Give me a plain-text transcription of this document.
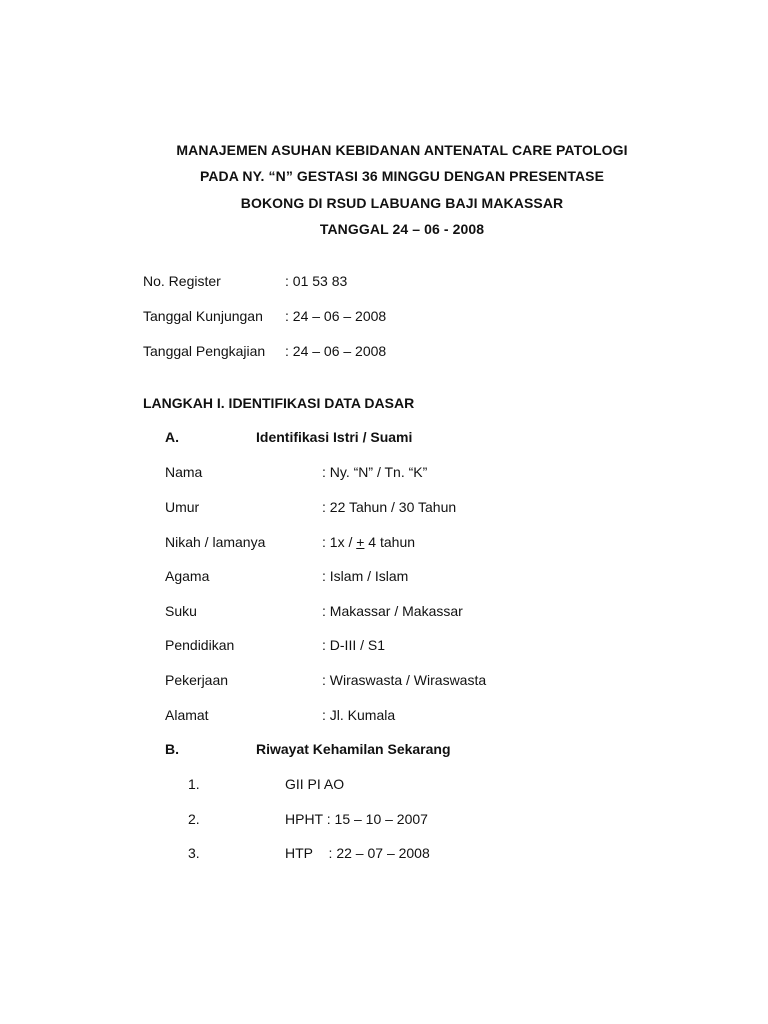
MANAJEMEN ASUHAN KEBIDANAN ANTENATAL CARE PATOLOGI
PADA NY. “N” GESTASI 36 MINGGU DENGAN PRESENTASE
BOKONG DI RSUD LABUANG BAJI MAKASSAR
TANGGAL 24 – 06 - 2008
No. Register	: 01 53 83
Tanggal Kunjungan : 24 – 06 – 2008
Tanggal Pengkajian : 24 – 06 – 2008
LANGKAH I. IDENTIFIKASI DATA DASAR
A.	Identifikasi Istri / Suami
Nama	: Ny. “N” / Tn. “K”
Umur	: 22 Tahun / 30 Tahun
Nikah / lamanya	: 1x / + 4 tahun
Agama	: Islam / Islam
Suku	: Makassar / Makassar
Pendidikan	: D-III / S1
Pekerjaan	: Wiraswasta / Wiraswasta
Alamat	: Jl. Kumala
B.	Riwayat Kehamilan Sekarang
1.	GII PI AO
2.	HPHT : 15 – 10 – 2007
3.	HTP    : 22 – 07 – 2008
